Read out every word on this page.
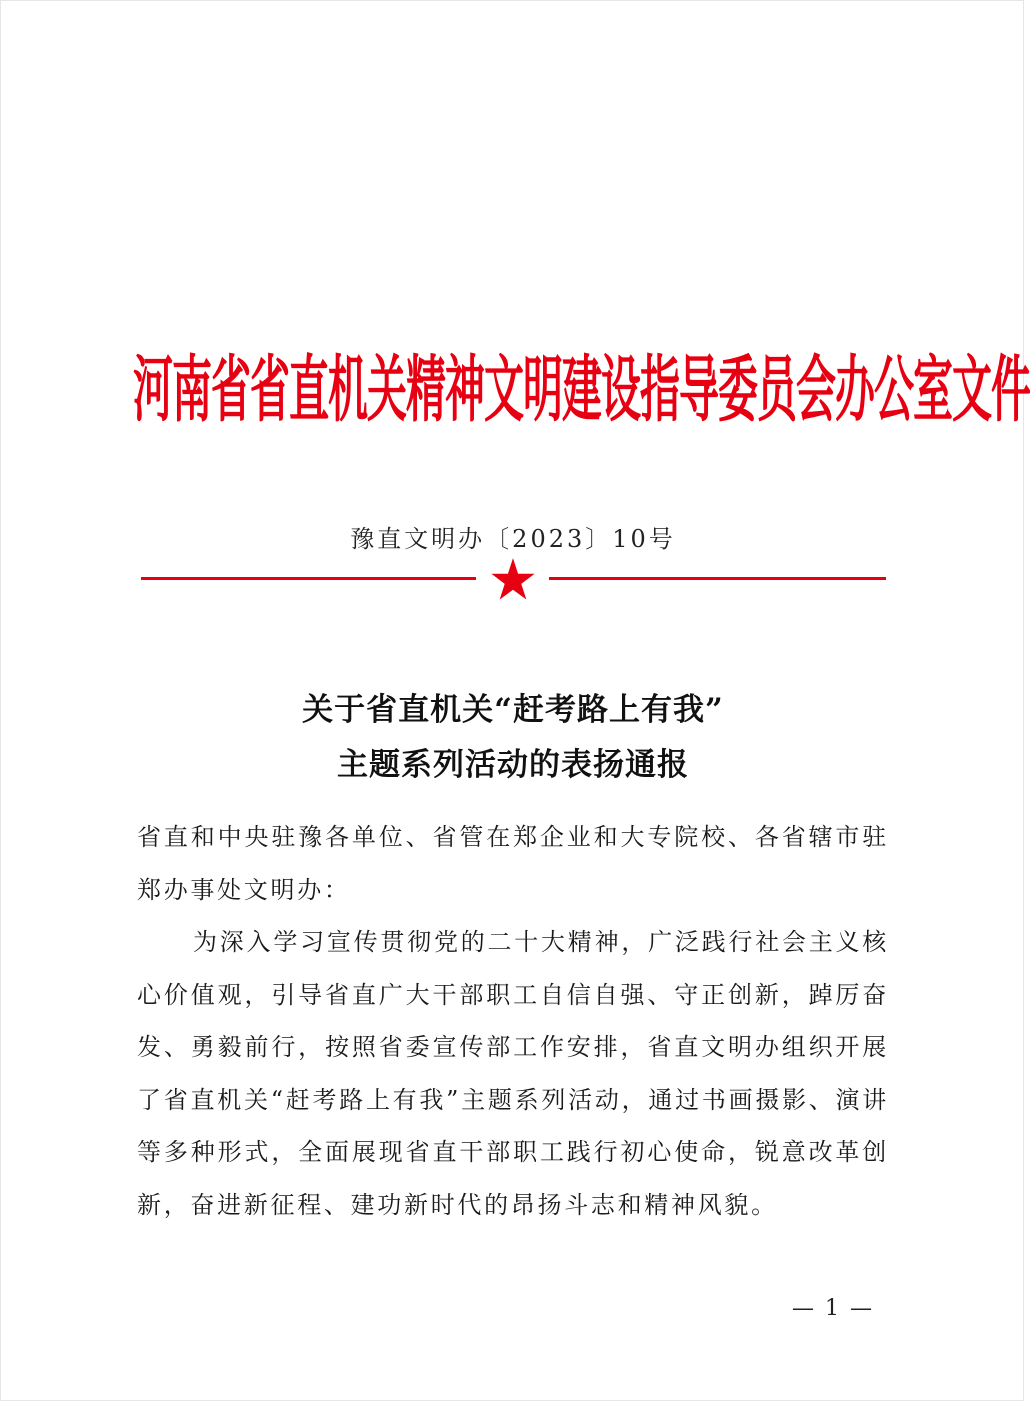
河南省省直机关精神文明建设指导委员会办公室文件
豫直文明办〔2023〕10号
关于省直机关“赶考路上有我”
主题系列活动的表扬通报
省直和中央驻豫各单位、省管在郑企业和大专院校、各省辖市驻郑办事处文明办：
为深入学习宣传贯彻党的二十大精神，广泛践行社会主义核心价值观，引导省直广大干部职工自信自强、守正创新，踔厉奋发、勇毅前行，按照省委宣传部工作安排，省直文明办组织开展了省直机关“赶考路上有我”主题系列活动，通过书画摄影、演讲等多种形式，全面展现省直干部职工践行初心使命，锐意改革创新，奋进新征程、建功新时代的昂扬斗志和精神风貌。
— 1 —
